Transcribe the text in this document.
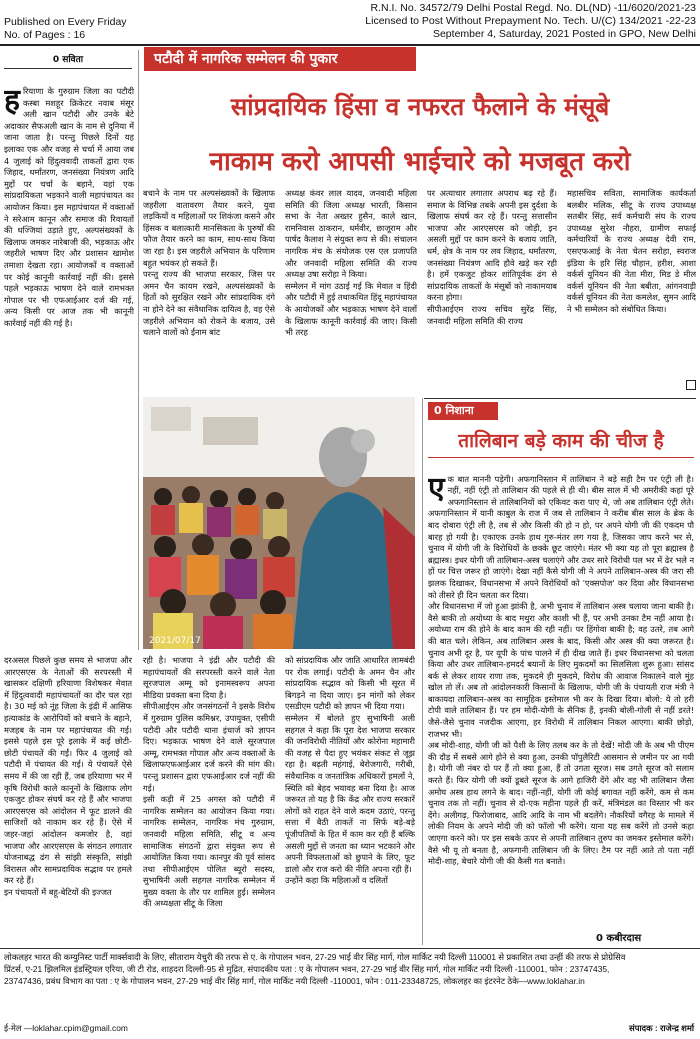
Published on Every Friday
No. of Pages : 16
R.N.I. No. 34572/79 Delhi Postal Regd. No. DL(ND) -11/6020/2021-23
Licensed to Post Without Prepayment No. Tech. U/(C) 134/2021 -22-23
September 4, Saturday, 2021 Posted in GPO, New Delhi
0 सविता
ह रियाणा के गुरुग्राम जिला का पटौदी कस्बा मशहूर क्रिकेटर नवाब मंसूर अली खान पटौदी और उनके बेटे अदाकार सैफअली खान के नाम से दुनिया में जाना जाता है। परन्तु पिछले दिनों यह इलाका एक और वजह से चर्चा में आया जब 4 जुलाई को हिंदुत्ववादी ताकतों द्वारा एक जिहाद, धर्मांतरण, जनसंख्या नियंत्रण आदि मुद्दों पर चर्चा के बहाने, यहां एक सांप्रदायिकता भड़काने वाली महापंचायत का आयोजन किया। इस महापंचायत में वक्ताओं ने सरेआम कानून और समाज की रिवायतों की धज्जियां उड़ाते हुए, अल्पसंख्यकों के खिलाफ जमकर नारेबाजी की, भड़काऊ और जहरीले भाषण दिए और प्रशासन खामोश तमाशा देखता रहा। आयोजकों व वक्ताओं पर कोई कानूनी कार्रवाई नहीं की। इससे पहले भड़काऊ भाषण देने वाले रामभक्त गोपाल पर भी एफआईआर दर्ज की गई, अन्य किसी पर आज तक भी कानूनी कार्रवाई नहीं की गई है।
पटौदी में नागरिक सम्मेलन की पुकार
सांप्रदायिक हिंसा व नफरत फैलाने के मंसूबे
नाकाम करो आपसी भाईचारे को मजबूत करो
बचाने के नाम पर अल्पसंख्यकों के खिलाफ जहरीला वातावरण तैयार करने, युवा लड़कियों व महिलाओं पर शिकंजा कसने और हिंसक व बलात्कारी मानसिकता के पुरुषों की फौज तैयार करने का काम, साथ-साथ किया जा रहा है। इस जहरीले अभियान के परिणाम बहुत भयंकर हो सकते हैं।
परन्तु राज्य की भाजपा सरकार, जिस पर अमन चैन कायम रखने, अल्पसंख्यकों के हितों को सुरक्षित रखने और सांप्रदायिक दंगे ना होने देने का संवैधानिक दायित्व है, वह ऐसे जहरीले अभियान को रोकने के बजाय, उसे चलाने वालों को ईनाम बांट
अध्यक्ष कंवर लाल यादव, जनवादी महिला समिति की जिला अध्यक्ष भारती, किसान सभा के नेता अख्तर हुसैन, काले खान, रामनिवास ठाकरान, धर्मवीर, छाजूराम और पार्षद कैलाश ने संयुक्त रूप से की। संचालन नागरिक मंच के संयोजक एस एल प्रजापति और जनवादी महिला समिति की राज्य अध्यक्ष उषा सरोहा ने किया।
सम्मेलन में मांग उठाई गई कि मेवात व हिंदी और पटौदी में हुई तथाकथित हिंदू महापंचायत के आयोजकों और भड़काऊ भाषण देने वालों के खिलाफ कानूनी कार्रवाई की जाए। किसी भी तरह
पर अत्याचार लगातार अपराध बढ़ रहे हैं। समाज के विभिन्न तबके अपनी इस दुर्दशा के खिलाफ संघर्ष कर रहे हैं। परन्तु सत्तासीन भाजपा और आरएसएस को जोड़ी, इन असली मुद्दों पर काम करने के बजाय जाति, धर्म, क्षेत्र के नाम पर लव जिहाद, धर्मांतरण, जनसंख्या नियंत्रण आदि हौवे खड़े कर रही है। हमें एकजुट होकर शांतिपूर्वक ढंग से सांप्रदायिक ताकतों के मंसूबों को नाकामयाब करना होगा।
सीपीआईएम राज्य सचिव सुरेंद्र सिंह, जनवादी महिला समिति की राज्य
महासचिव सविता, सामाजिक कार्यकर्ता बलबीर मलिक, सीटू के राज्य उपाध्यक्ष सतबीर सिंह, सर्व कर्मचारी संघ के राज्य उपाध्यक्ष सुरेश नौहरा, ग्रामीण सफाई कर्मचारियों के राज्य अध्यक्ष देवी राम, एसएफआई के नेता चेतन सरोहा, स्वराज इंडिया के हरि सिंह चौहान, हरीश, आशा वर्कर्स यूनियन की नेता मीरा, मिड डे मील वर्कर्स यूनियन की नेता बबीता, आंगनवाड़ी वर्कर्स यूनियन की नेता कमलेश, सुमन आदि ने भी सम्मेलन को संबोधित किया।
2021/07/17
0 निशाना
तालिबान बड़े काम की चीज है

एक बात माननी पड़ेगी। अफगानिस्तान में तालिबान ने बड़े सही टैम पर एंट्री ली है। नहीं, नहीं एंट्री तो तालिबान की पहले से ही थी। बीस साल में भी अमरीकी कहां पूरे अफगानिस्तान से तालिबानियों को एकिवट करा पाए थे, जो अब तालिबान एंट्री लेते। अफगानिस्तान में यानी काबुल के राज में जब से तालिबान ने करीब बीस साल के ब्रेक के बाद दोबारा एंट्री ली है, तब से और किसी की हो न हो, पर अपने योगी जी की एकदम पौ बारह हो गयी है। एकाएक उनके हाथ गुरु-मंतर लग गया है, जिसका जाप करने भर से, चुनाव में योगी जी के विरोधियों के छक्के छूट जाएंगे। मंतर भी क्या यह तो पूरा ब्रह्मास्त्र है ब्रह्मास्त्र। इधर योगी जी तालिबान-अस्त्र चलाएंगे और उधर सारे विरोधी पल भर में ढेर भले न हों पर चित्त जरूर हो जाएंगे। देखा नहीं कैसे योगी जी ने अपने तालिबान-अस्त्र की जरा सी झलक दिखाकर, विधानसभा में अपने विरोधियों को 'एक्सपोज' कर दिया और विधानसभा को तीसरे ही दिन चलता कर दिया।
और विधानसभा में जो हुआ झांकी है, अभी चुनाव में तालिबान अस्त्र चलाया जाना बाकी है। वैसे बाकी तो अयोध्या के बाद मथुरा और काशी भी हैं, पर अभी उनका टैम नहीं आया है। अयोध्या राम की होने के बाद काम की रही नहीं। पर हिंगोवा बाकी है; वह उतरे, तब आगे की बात चले। लेकिन, अब तालिबान अस्त्र के बाद, किसी और अस्त्र की क्या जरूरत है। चुनाव अभी दूर है, पर यूपी के पांच पालने में ही दीख जाते हैं। इधर विधानसभा को चलता किया और उधर तालिबान-हमदर्द बयानों के लिए मुकदमों का सिलसिला शुरू हुआ। सांसद बर्क से लेकर शायर राणा तक, मुकदमे ही मुकदमे, विरोध की आवाज निकालने वाले मुंह खोल तो लें। अब तो आंदोलनकारी किसानों के खिलाफ, योगी जी के पंचायती राज मंत्री ने बाकायदा तालिबान-अस्त्र का सामूहिक इस्तेमाल भी कर के दिखा दिया। बोलो: ये तो हरी टोपी वाले तालिबान हैं। पर हम मोदी-योगी के सैनिक हैं, इनकी बोली-गोली से नहीं डरते! जैसे-जैसे चुनाव नजदीक आएगा, हर विरोधी में तालिबान निकल आएगा। बाकी छोड़ो, राजभर भी।
अब मोदी-शाह, योगी जी को पैशी के लिए तलब कर के तो देखें! मोदी जी के अब भी पीएम की दौड़ में सबसे आगे होने से क्या हुआ, उनकी पॉपुलैरिटी आसमान से जमीन पर आ गयी है। योगी जी नंबर दो पर हैं तो क्या हुआ, हैं तो उगता सूरज। सब उगते सूरज को सलाम करते हैं। फिर योगी जी क्यों डूबते सूरज के आगे हाजिरी देंगे और वह भी तालिबान जैसा अमोघ अस्त्र हाथ लगने के बाद। नहीं-नहीं, योगी जी कोई बगावत नहीं करेंगे, कम से कम चुनाव तक तो नहीं। चुनाव से दो-एक महीना पहले ही करें, मंत्रिमंडल का विस्तार भी कर देंगे। अलीगढ़, फिरोजाबाद, आदि आदि के नाम भी बदलेंगे। नौकरियों वगैरह के मामले में लोकी नियम के अपने मोदी जी को फॉलो भी करेंगे। याना यह सब करेंगे तो उनसे कहा जाएगा करने को। पर इस सबके ऊपर से अपनी तालिबान तुरुप का जमकर इस्तेमाल करेंगे। वैसे भी यू तो बनता है, अफगानी तालिबान जी के लिए। टैम पर नहीं आते तो पता नहीं मोदी-शाह, बेचारे योगी जी की कैसी गत बनाते।

0 कबीरदास
दरअसल पिछले कुछ समय से भाजपा और आरएसएस के नेताओं की सरपरस्ती में खासकर दक्षिणी हरियाणा विशेषकर मेवात में हिंदुत्ववादी महापंचायतों का दौर चल रहा है। 30 मई को नूंह जिला के इंद्री में आसिफ हत्याकांड के आरोपियों को बचाने के बहाने, मजहब के नाम पर महापंचायत की गई। इससे पहले इस पूरे इलाके में कई छोटी-छोटी पंचायतें की गईं। फिर 4 जुलाई को पटौदी में पंचायत की गई। ये पंचायतें ऐसे समय में की जा रही हैं, जब हरियाणा भर में कृषि विरोधी काले कानूनों के खिलाफ लोग एकजुट होकर संघर्ष कर रहे हैं और भाजपा आरएसएस को आंदोलन में फूट डालने की साजिशों को नाकाम कर रहे हैं। ऐसे में जहर-जहां आंदोलन कमजोर है, वहां भाजपा और आरएसएस के संगठन लगातार योजनाबद्ध ढंग से सांझी संस्कृति, सांझी विरासत और सामप्रदायिक सद्भाव पर हमले कर रहे हैं।
इन पंचायतों में बहू-बेटियों की इज्जत
रही है। भाजपा ने इंद्री और पटौदी की महापंचायतों की सरपरस्ती करने वाले नेता सूरजपाल अम्मू को इनामस्वरूप अपना मीडिया प्रवक्ता बना दिया है।
सीपीआईएम और जनसंगठनों ने इसके विरोध में गुरुग्राम पुलिस कमिश्नर, उपायुक्त, एसीपी पटौदी और पटौदी थाना इंचार्ज को ज्ञापन दिए। भड़काऊ भाषण देने वाले सूरजपाल अम्मू, रामभक्त गोपाल और अन्य वक्ताओं के खिलाफएफआईआर दर्ज करने की मांग की। परन्तु प्रशासन द्वारा एफआईआर दर्ज नहीं की गई।
इसी कड़ी में 25 अगस्त को पटौदी में नागरिक सम्मेलन का आयोजन किया गया। नागरिक सम्मेलन, नागरिक मंच गुरुग्राम, जनवादी महिला समिति, सीटू व अन्य सामाजिक संगठनों द्वारा संयुक्त रूप से आयोजित किया गया। कानपुर की पूर्व सांसद तथा सीपीआईएम पोलित ब्यूरो सदस्य, सुभाषिनी अली सहगल नागरिक सम्मेलन में मुख्य वक्ता के तौर पर शामिल हुई। सम्मेलन की अध्यक्षता सीटू के जिला
को सांप्रदायिक और जाति आधारित लामबंदी पर रोक लगाई। पटौदी के अमन चैन और सांप्रदायिक सद्भाव को किसी भी सूरत में बिगड़ने ना दिया जाए। इन मांगों को लेकर एसडीएम पटौदी को ज्ञापन भी दिया गया।
सम्मेलन में बोलते हुए सुभाषिनी अली सहगल ने कहा कि पूरा देश भाजपा सरकार की जनविरोधी नीतियों और कोरोना महामारी की वजह से पैदा हुए भयंकर संकट से जूझ रहा है। बढ़ती महंगाई, बेरोजगारी, गरीबी, संवैधानिक व जनतांत्रिक अधिकारों हमलों ने, स्थिति को बेहद भयावह बना दिया है। आज जरूरत तो यह है कि केंद्र और राज्य सरकारें लोगों को राहत देने वाले कदम उठाएं, परन्तु सत्ता में बैठी ताकतें ना सिर्फ बड़े-बड़े पूंजीपतियों के हित में काम कर रही हैं बल्कि असली मुद्दों से जनता का ध्यान भटकाने और अपनी विफलताओं को छुपाने के लिए, फूट डालो और राज करो की नीति अपना रही हैं।
उन्होंने कहा कि महिलाओं व दलितों
लोकलहर भारत की कम्युनिस्ट पार्टी मार्क्सवादी के लिए, सीताराम येचुरी की तरफ से ए. के गोपालन भवन, 27-29 भाई वीर सिंह मार्ग, गोल मार्किट नयी दिल्ली 110001 से प्रकाशित तथा उन्हीं की तरफ से प्रोग्रेसिव
प्रिंटर्स, ए-21 झिलमिल इंडस्ट्रियल एरिया, जी टी रोड, शाहदरा दिल्ली-95 से मुद्रित, संपादकीय पता : ए के गोपालन भवन, 27-29 भाई वीर सिंह मार्ग, गोल मार्किट नयी दिल्ली -110001, फोन : 23747435,
23747436, प्रबंध विभाग का पता : ए के गोपालन भवन, 27-29 भाई वीर सिंह मार्ग, गोल मार्किट नयी दिल्ली -110001, फोन : 011-23348725, लोकलहर का इंटरनेट ठेके—www.loklahar.in
ई-मेल —loklahar.cpim@gmail.com	संपादक : राजेन्द्र शर्मा
